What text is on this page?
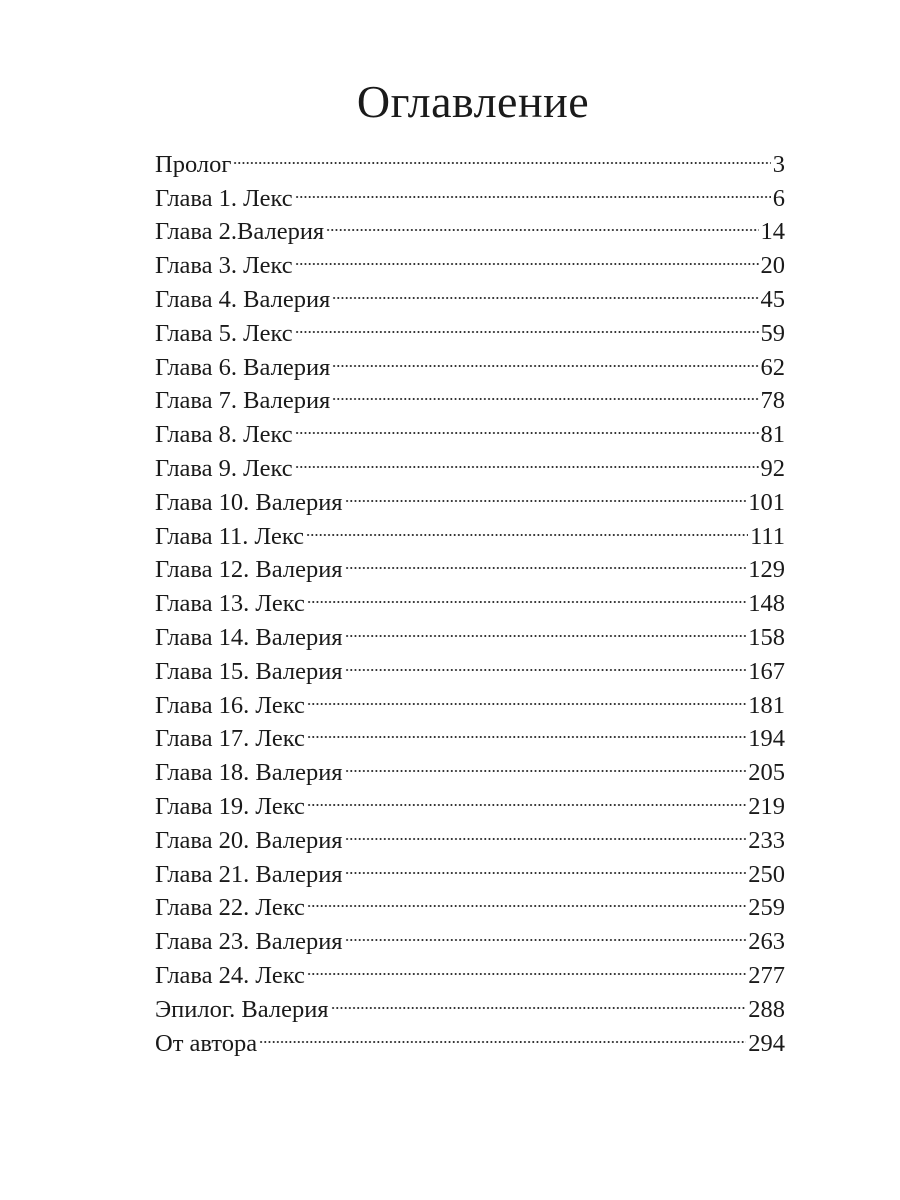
Оглавление
Пролог	3
Глава 1. Лекс	6
Глава 2.Валерия	14
Глава 3. Лекс	20
Глава 4. Валерия	45
Глава 5. Лекс	59
Глава 6. Валерия	62
Глава 7. Валерия	78
Глава 8. Лекс	81
Глава 9. Лекс	92
Глава 10. Валерия	101
Глава 11. Лекс	111
Глава 12. Валерия	129
Глава 13. Лекс	148
Глава 14. Валерия	158
Глава 15. Валерия	167
Глава 16. Лекс	181
Глава 17. Лекс	194
Глава 18. Валерия	205
Глава 19. Лекс	219
Глава 20. Валерия	233
Глава 21. Валерия	250
Глава 22. Лекс	259
Глава 23. Валерия	263
Глава 24. Лекс	277
Эпилог. Валерия	288
От автора	294
